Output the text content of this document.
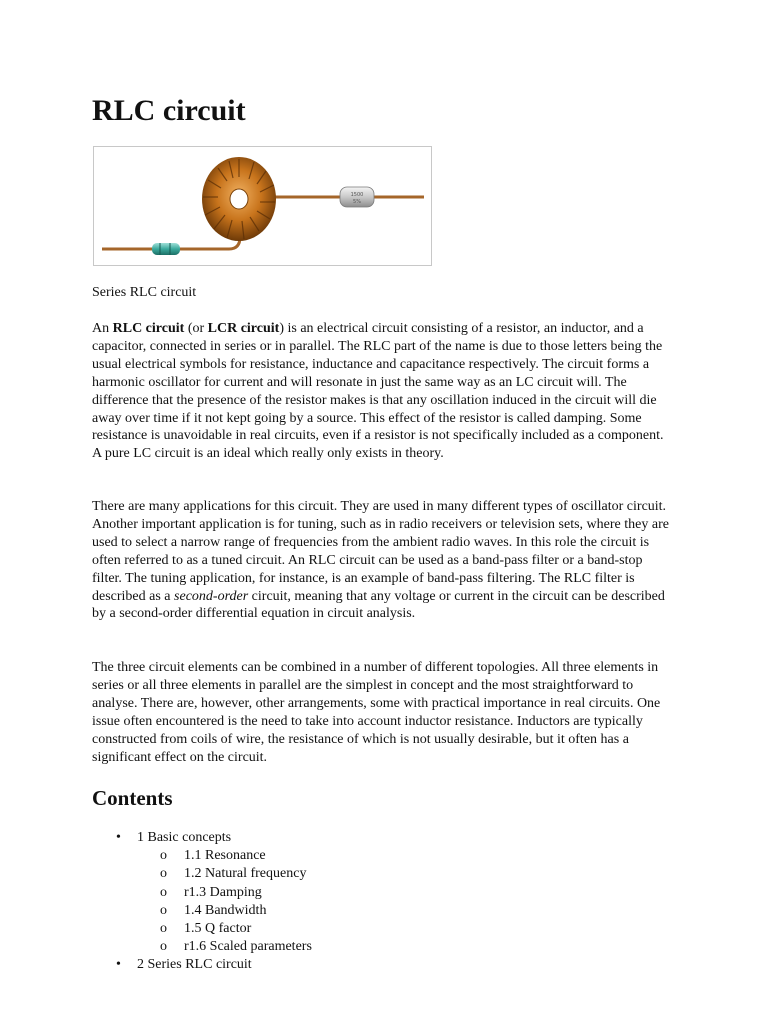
RLC circuit
1500
5%

Series RLC circuit

An RLC circuit (or LCR circuit) is an electrical circuit consisting of a resistor, an inductor, and a capacitor, connected in series or in parallel. The RLC part of the name is due to those letters being the usual electrical symbols for resistance, inductance and capacitance respectively. The circuit forms a harmonic oscillator for current and will resonate in just the same way as an LC circuit will. The difference that the presence of the resistor makes is that any oscillation induced in the circuit will die away over time if it not kept going by a source. This effect of the resistor is called damping. Some resistance is unavoidable in real circuits, even if a resistor is not specifically included as a component. A pure LC circuit is an ideal which really only exists in theory.

There are many applications for this circuit. They are used in many different types of oscillator circuit. Another important application is for tuning, such as in radio receivers or television sets, where they are used to select a narrow range of frequencies from the ambient radio waves. In this role the circuit is often referred to as a tuned circuit. An RLC circuit can be used as a band-pass filter or a band-stop filter. The tuning application, for instance, is an example of band-pass filtering. The RLC filter is described as a second-order circuit, meaning that any voltage or current in the circuit can be described by a second-order differential equation in circuit analysis.

The three circuit elements can be combined in a number of different topologies. All three elements in series or all three elements in parallel are the simplest in concept and the most straightforward to analyse. There are, however, other arrangements, some with practical importance in real circuits. One issue often encountered is the need to take into account inductor resistance. Inductors are typically constructed from coils of wire, the resistance of which is not usually desirable, but it often has a significant effect on the circuit.

Contents
• 1 Basic concepts
o 1.1 Resonance
o 1.2 Natural frequency
o r1.3 Damping
o 1.4 Bandwidth
o 1.5 Q factor
o r1.6 Scaled parameters
• 2 Series RLC circuit
